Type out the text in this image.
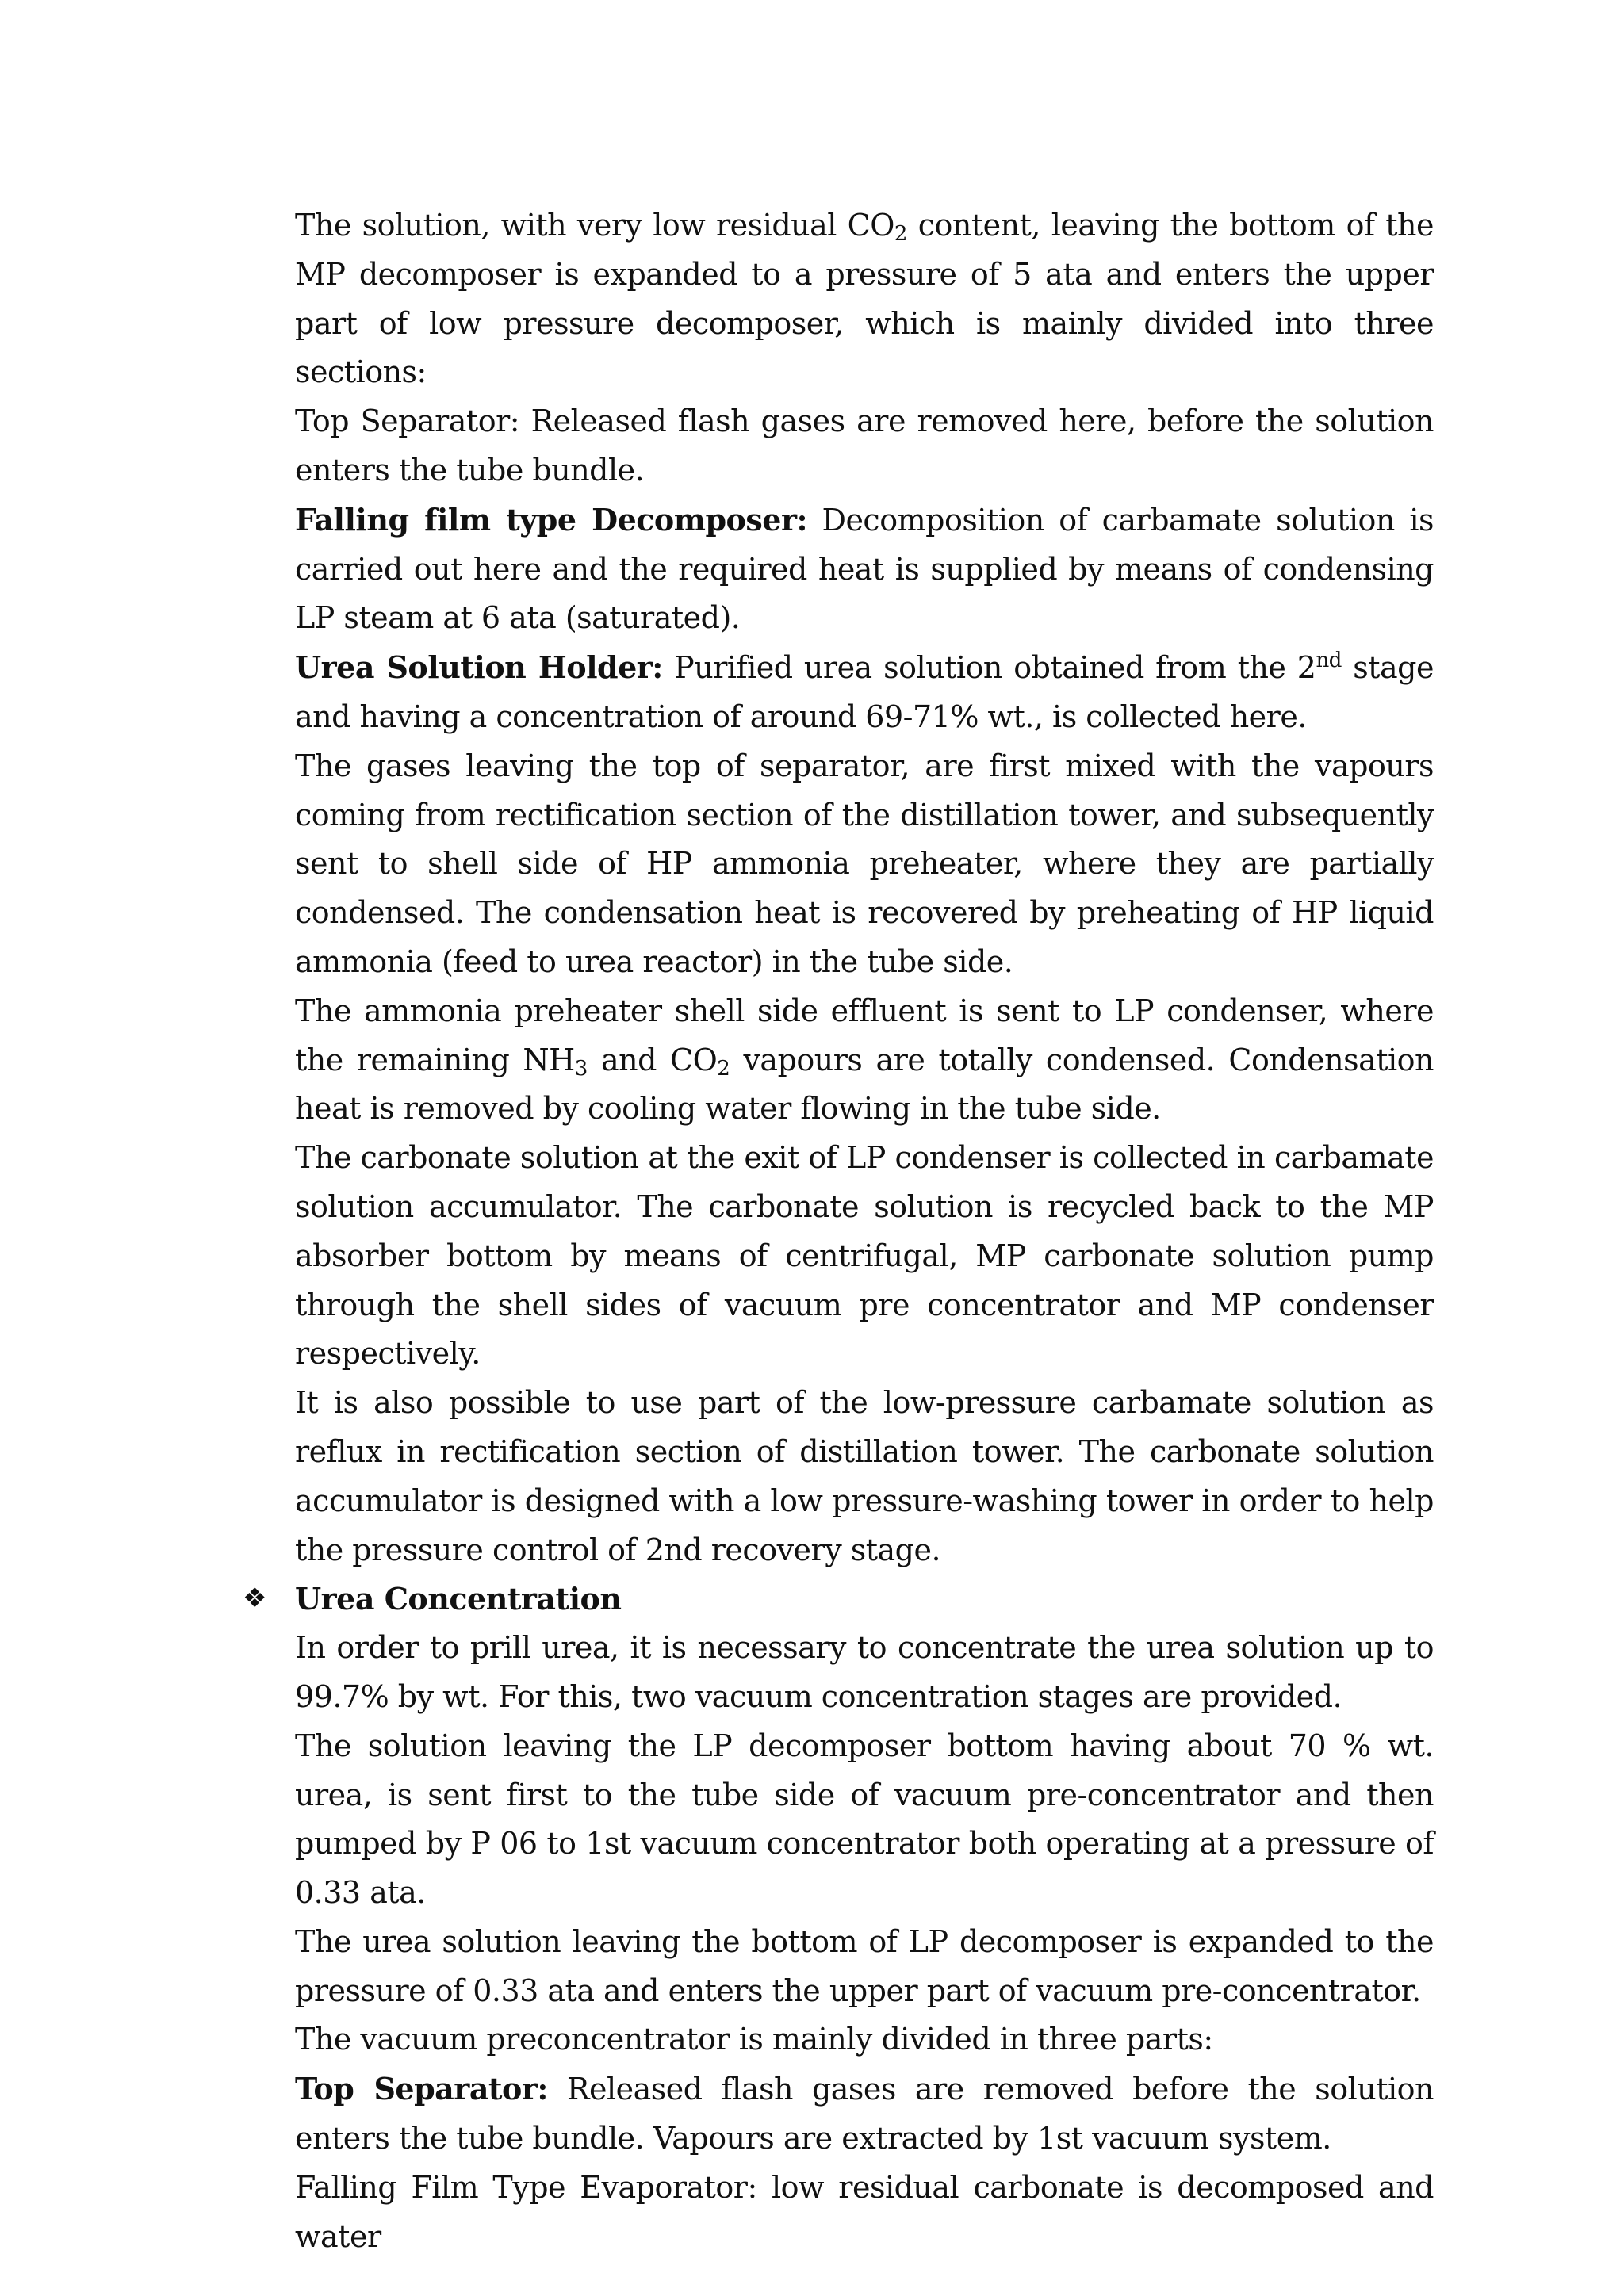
The solution, with very low residual $CO_2$ content, leaving the bottom of the MP decomposer is expanded to a pressure of 5 ata and enters the upper part of low pressure decomposer, which is mainly divided into three sections:

Top Separator: Released flash gases are removed here, before the solution enters the tube bundle.

Falling film type Decomposer: Decomposition of carbamate solution is carried out here and the required heat is supplied by means of condensing LP steam at 6 ata (saturated).

Urea Solution Holder: Purified urea solution obtained from the 2nd stage and having a concentration of around 69-71% wt., is collected here.

The gases leaving the top of separator, are first mixed with the vapours coming from rectification section of the distillation tower, and subsequently sent to shell side of HP ammonia preheater, where they are partially condensed. The condensation heat is recovered by preheating of HP liquid ammonia (feed to urea reactor) in the tube side.

The ammonia preheater shell side effluent is sent to LP condenser, where the remaining $NH_3$ and $CO_2$ vapours are totally condensed. Condensation heat is removed by cooling water flowing in the tube side.

The carbonate solution at the exit of LP condenser is collected in carbamate solution accumulator. The carbonate solution is recycled back to the MP absorber bottom by means of centrifugal, MP carbonate solution pump through the shell sides of vacuum pre concentrator and MP condenser respectively.

It is also possible to use part of the low-pressure carbamate solution as reflux in rectification section of distillation tower. The carbonate solution accumulator is designed with a low pressure-washing tower in order to help the pressure control of 2nd recovery stage.

❖ Urea Concentration

In order to prill urea, it is necessary to concentrate the urea solution up to 99.7% by wt. For this, two vacuum concentration stages are provided.

The solution leaving the LP decomposer bottom having about 70 % wt. urea, is sent first to the tube side of vacuum pre-concentrator and then pumped by P 06 to 1st vacuum concentrator both operating at a pressure of 0.33 ata.

The urea solution leaving the bottom of LP decomposer is expanded to the pressure of 0.33 ata and enters the upper part of vacuum pre-concentrator.

The vacuum preconcentrator is mainly divided in three parts:

Top Separator: Released flash gases are removed before the solution enters the tube bundle. Vapours are extracted by 1st vacuum system.

Falling Film Type Evaporator: low residual carbonate is decomposed and water
